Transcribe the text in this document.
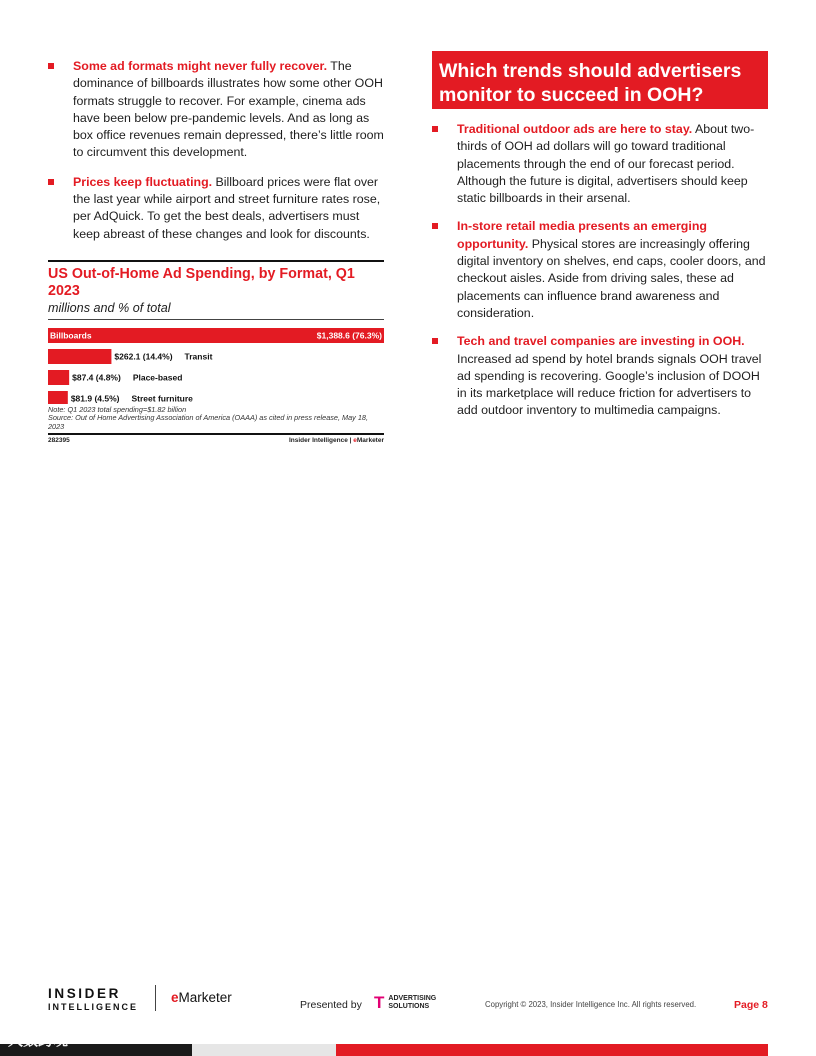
Some ad formats might never fully recover. The dominance of billboards illustrates how some other OOH formats struggle to recover. For example, cinema ads have been below pre-pandemic levels. And as long as box office revenues remain depressed, there’s little room to circumvent this development.
Prices keep fluctuating. Billboard prices were flat over the last year while airport and street furniture rates rose, per AdQuick. To get the best deals, advertisers must keep abreast of these changes and look for discounts.
US Out-of-Home Ad Spending, by Format, Q1 2023
millions and % of total
Billboards	$1,388.6 (76.3%)
$262.1 (14.4%) Transit
$87.4 (4.8%) Place-based
$81.9 (4.5%) Street furniture
Note: Q1 2023 total spending=$1.82 billion
Source: Out of Home Advertising Association of America (OAAA) as cited in press release, May 18, 2023
282395	Insider Intelligence | eMarketer
Which trends should advertisers monitor to succeed in OOH?
Traditional outdoor ads are here to stay. About two-thirds of OOH ad dollars will go toward traditional placements through the end of our forecast period. Although the future is digital, advertisers should keep static billboards in their arsenal.
In-store retail media presents an emerging opportunity. Physical stores are increasingly offering digital inventory on shelves, end caps, cooler doors, and checkout aisles. Aside from driving sales, these ad placements can influence brand awareness and consideration.
Tech and travel companies are investing in OOH. Increased ad spend by hotel brands signals OOH travel ad spending is recovering. Google’s inclusion of DOOH in its marketplace will reduce friction for advertisers to add outdoor inventory to multimedia campaigns.
INSIDER
INTELLIGENCE
eMarketer	Presented by T ADVERTISING
SOLUTIONS	Copyright © 2023, Insider Intelligence Inc. All rights reserved.	Page 8
大数跨境
